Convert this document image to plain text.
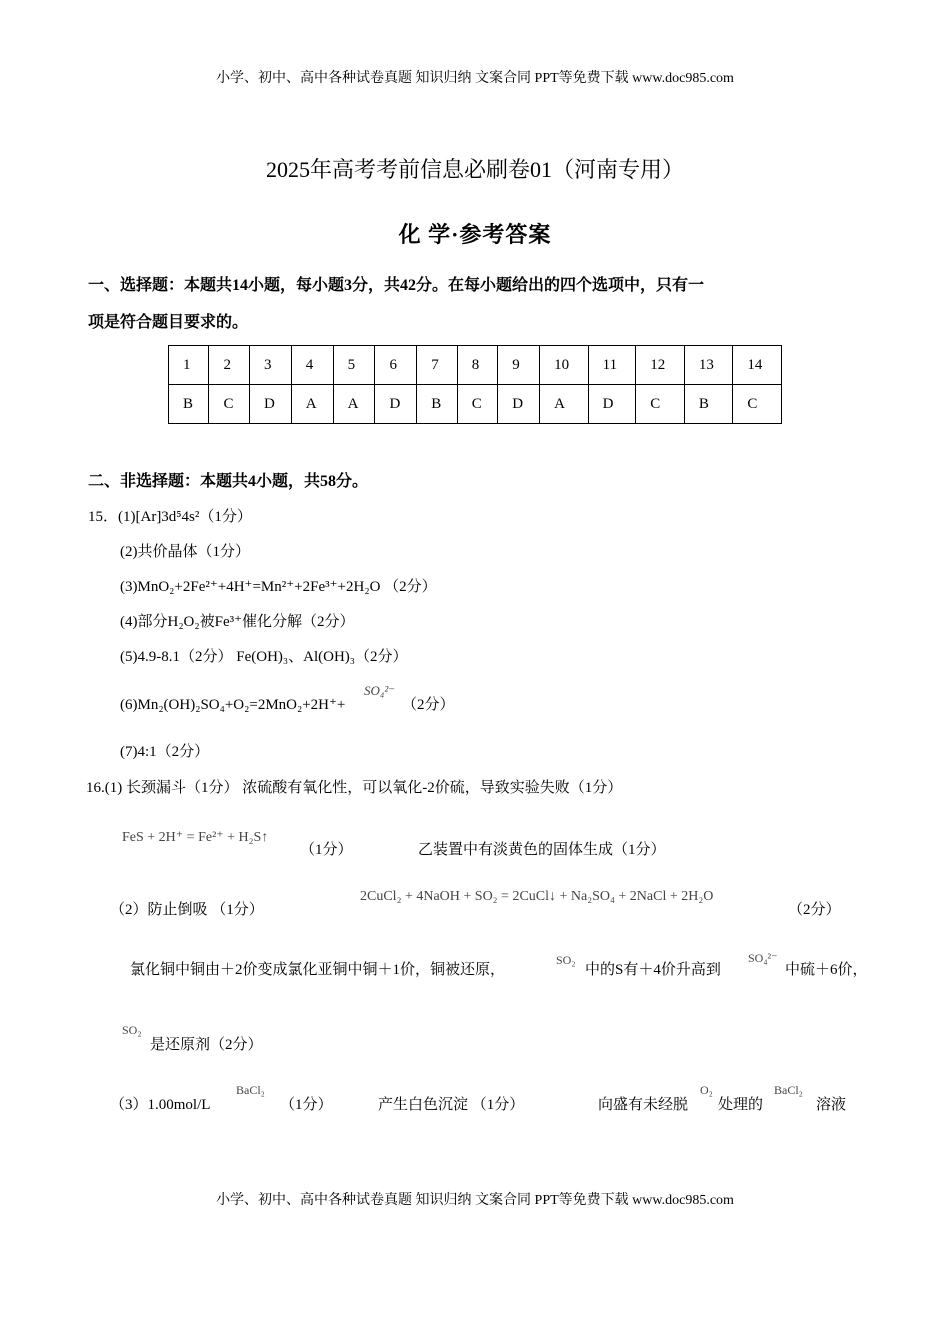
小学、初中、高中各种试卷真题 知识归纳 文案合同 PPT等免费下载 www.doc985.com
2025年高考考前信息必刷卷01（河南专用）
化 学·参考答案
一、选择题：本题共14小题，每小题3分，共42分。在每小题给出的四个选项中，只有一
项是符合题目要求的。
1	2	3	4	5	6	7	8	9	10	11	12	13	14
B	C	D	A	A	D	B	C	D	A	D	C	B	C
二、非选择题：本题共4小题，共58分。
15．(1)[Ar]3d⁵4s²（1分）
(2)共价晶体（1分）
(3)MnO₂+2Fe²⁺+4H⁺=Mn²⁺+2Fe³⁺+2H₂O （2分）
(4)部分H₂O₂被Fe³⁺催化分解（2分）
(5)4.9-8.1（2分） Fe(OH)₃、Al(OH)₃（2分）
(6)Mn₂(OH)₂SO₄+O₂=2MnO₂+2H⁺+
SO₄²⁻
（2分）
(7)4:1（2分）
16.(1) 长颈漏斗（1分） 浓硫酸有氧化性，可以氧化-2价硫，导致实验失败（1分）
FeS + 2H⁺ = Fe²⁺ + H₂S↑
（1分）	乙装置中有淡黄色的固体生成（1分）
（2）防止倒吸 （1分）
2CuCl₂ + 4NaOH + SO₂ = 2CuCl↓ + Na₂SO₄ + 2NaCl + 2H₂O
（2分）
氯化铜中铜由＋2价变成氯化亚铜中铜＋1价，铜被还原，
SO₂
中的S有＋4价升高到
SO₄²⁻
中硫＋6价，
SO₂
是还原剂（2分）
（3）1.00mol/L
BaCl₂
（1分）	产生白色沉淀 （1分）	向盛有未经脱
O₂
处理的
BaCl₂
溶液
小学、初中、高中各种试卷真题 知识归纳 文案合同 PPT等免费下载 www.doc985.com
